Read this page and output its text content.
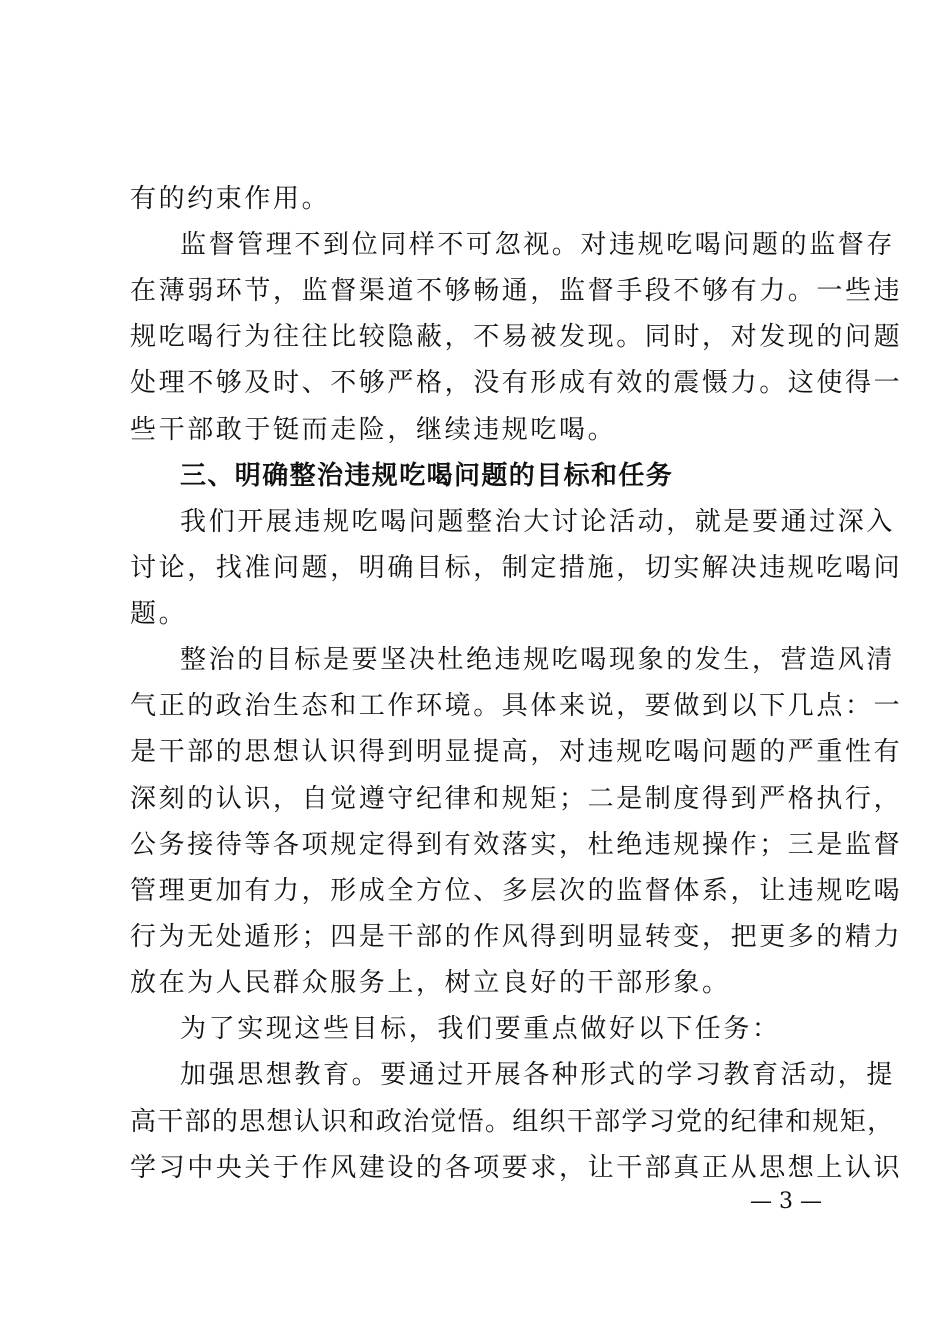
有的约束作用。
监督管理不到位同样不可忽视。对违规吃喝问题的监督存
在薄弱环节，监督渠道不够畅通，监督手段不够有力。一些违
规吃喝行为往往比较隐蔽，不易被发现。同时，对发现的问题
处理不够及时、不够严格，没有形成有效的震慑力。这使得一
些干部敢于铤而走险，继续违规吃喝。
三、明确整治违规吃喝问题的目标和任务
我们开展违规吃喝问题整治大讨论活动，就是要通过深入
讨论，找准问题，明确目标，制定措施，切实解决违规吃喝问
题。
整治的目标是要坚决杜绝违规吃喝现象的发生，营造风清
气正的政治生态和工作环境。具体来说，要做到以下几点：一
是干部的思想认识得到明显提高，对违规吃喝问题的严重性有
深刻的认识，自觉遵守纪律和规矩；二是制度得到严格执行，
公务接待等各项规定得到有效落实，杜绝违规操作；三是监督
管理更加有力，形成全方位、多层次的监督体系，让违规吃喝
行为无处遁形；四是干部的作风得到明显转变，把更多的精力
放在为人民群众服务上，树立良好的干部形象。
为了实现这些目标，我们要重点做好以下任务：
加强思想教育。要通过开展各种形式的学习教育活动，提
高干部的思想认识和政治觉悟。组织干部学习党的纪律和规矩，
学习中央关于作风建设的各项要求，让干部真正从思想上认识
— 3 —
